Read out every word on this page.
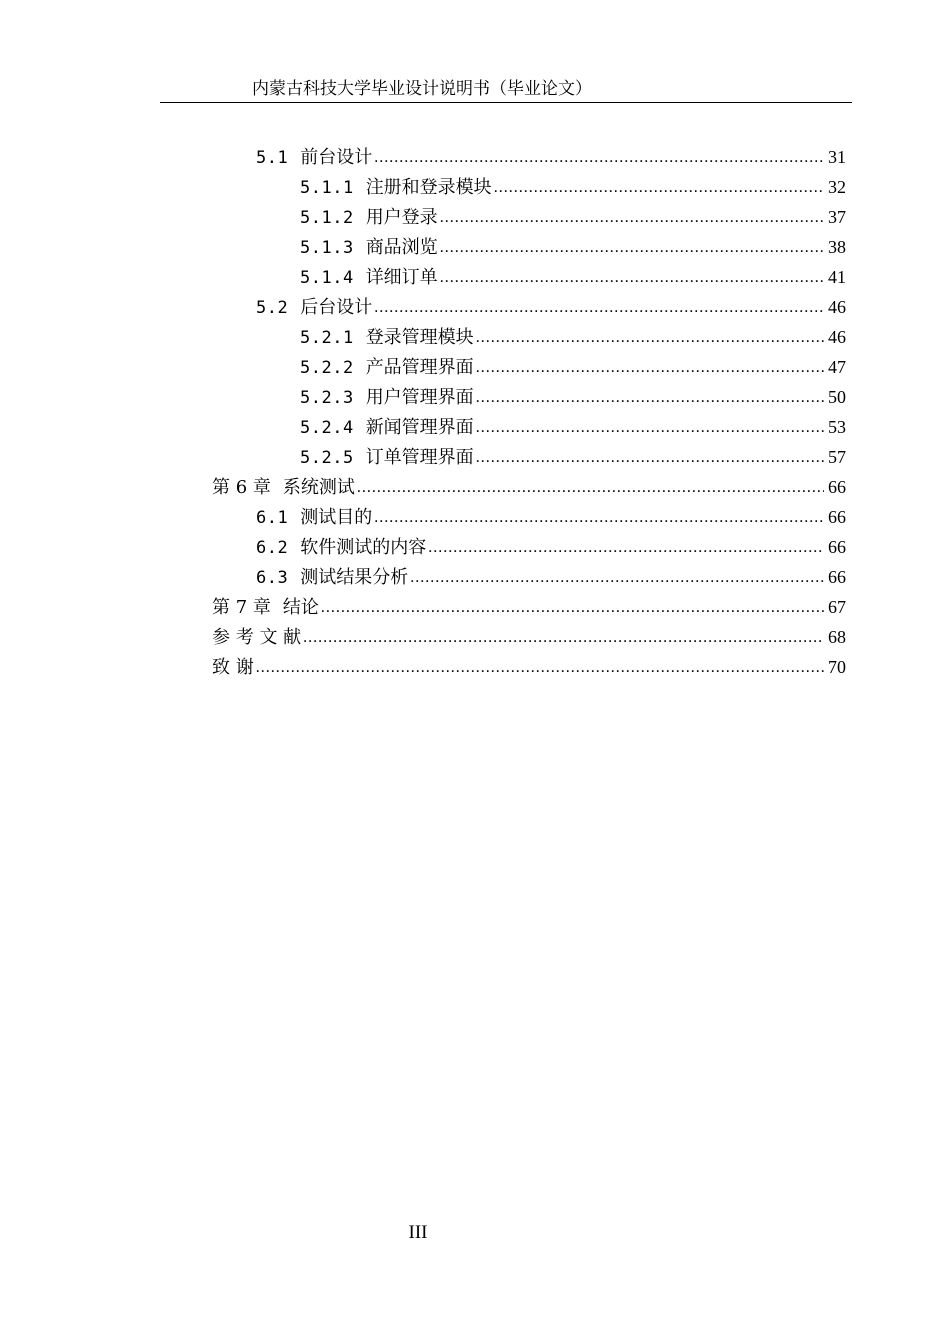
内蒙古科技大学毕业设计说明书（毕业论文）
5.1 前台设计 .....	31
5.1.1 注册和登录模块 .....	32
5.1.2 用户登录 .....	37
5.1.3 商品浏览 .....	38
5.1.4 详细订单 .....	41
5.2 后台设计 .....	46
5.2.1 登录管理模块 .....	46
5.2.2 产品管理界面 .....	47
5.2.3 用户管理界面 .....	50
5.2.4 新闻管理界面 .....	53
5.2.5 订单管理界面 .....	57
第 6 章 系统测试 .....	66
6.1 测试目的 .....	66
6.2 软件测试的内容 .....	66
6.3 测试结果分析 .....	66
第 7 章 结论 .....	67
参 考 文 献 .....	68
致 谢 .....	70
III
